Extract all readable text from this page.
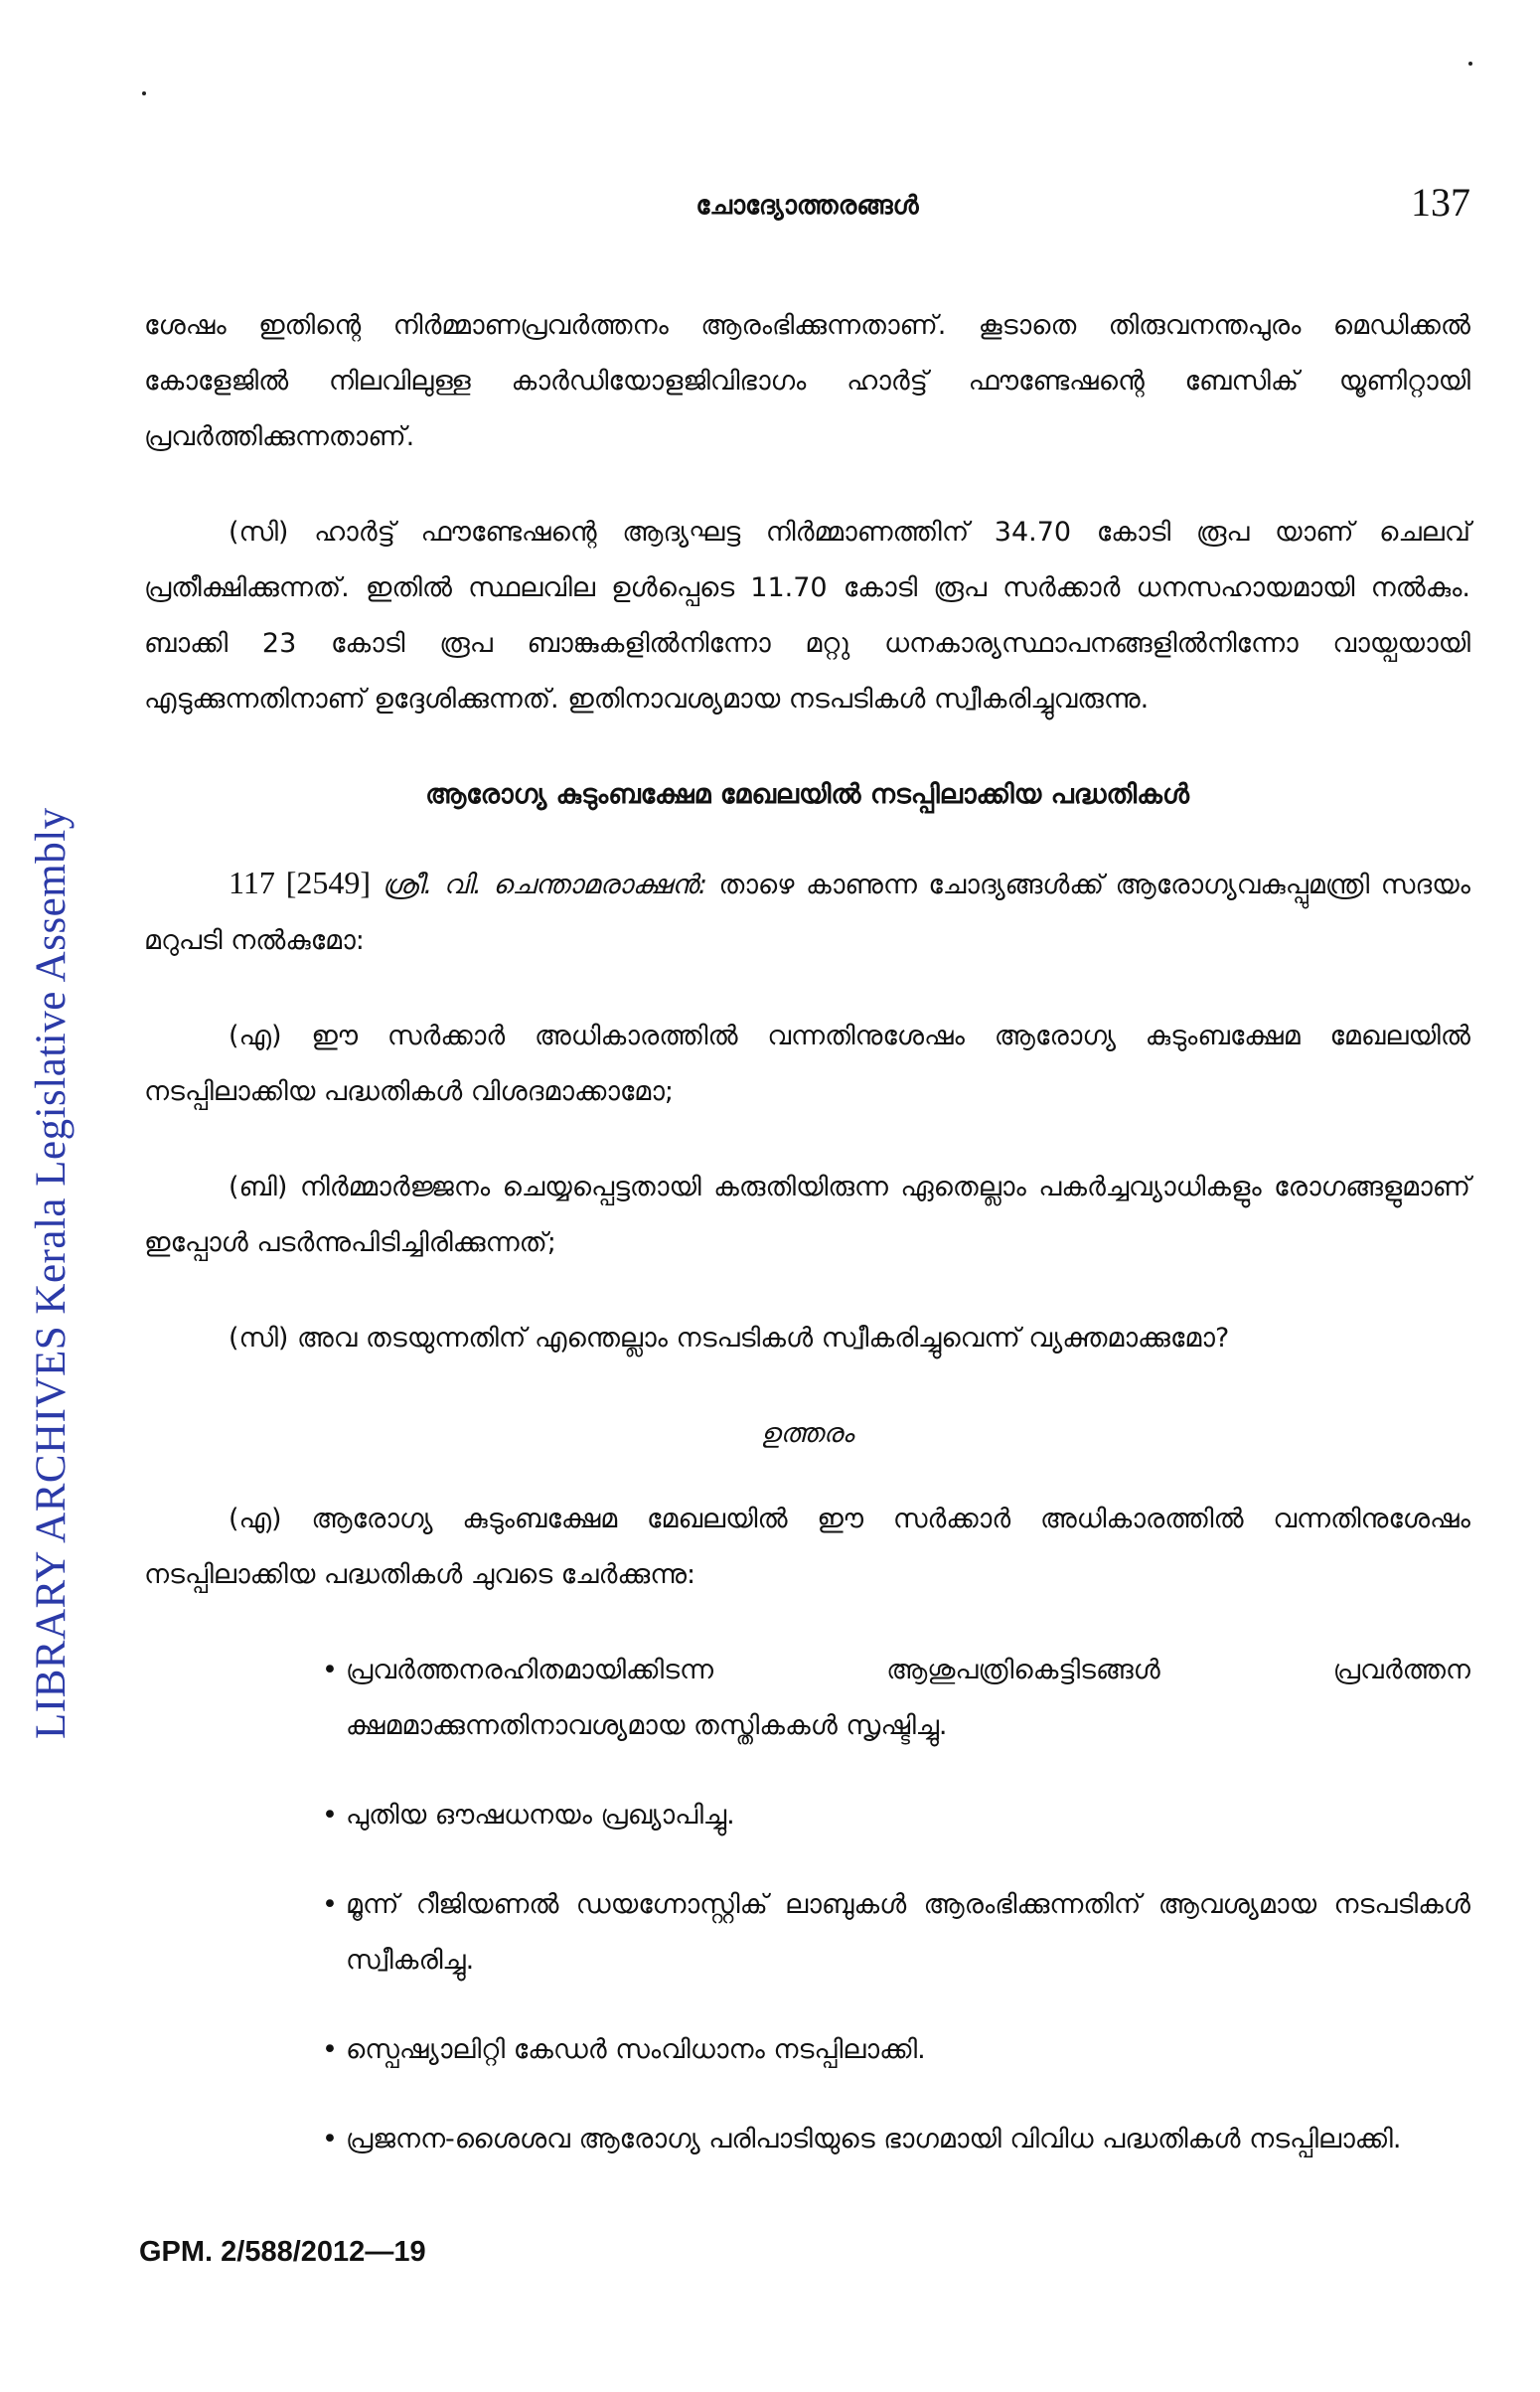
LIBRARY ARCHIVES Kerala Legislative Assembly
ചോദ്യോത്തരങ്ങൾ	137

ശേഷം ഇതിന്റെ നിർമ്മാണപ്രവർത്തനം ആരംഭിക്കുന്നതാണ്. കൂടാതെ തിരുവനന്തപുരം മെഡിക്കൽ കോളേജിൽ നിലവിലുള്ള കാർഡിയോളജിവിഭാഗം ഹാർട്ട് ഫൗണ്ടേഷന്റെ ബേസിക് യൂണിറ്റായി പ്രവർത്തിക്കുന്നതാണ്.

(സി) ഹാർട്ട് ഫൗണ്ടേഷന്റെ ആദ്യഘട്ട നിർമ്മാണത്തിന് 34.70 കോടി രൂപ യാണ് ചെലവ് പ്രതീക്ഷിക്കുന്നത്. ഇതിൽ സ്ഥലവില ഉൾപ്പെടെ 11.70 കോടി രൂപ സർക്കാർ ധനസഹായമായി നൽകും. ബാക്കി 23 കോടി രൂപ ബാങ്കുകളിൽനിന്നോ മറ്റു ധനകാര്യസ്ഥാപനങ്ങളിൽനിന്നോ വായ്പയായി എടുക്കുന്നതിനാണ് ഉദ്ദേശിക്കുന്നത്. ഇതിനാവശ്യമായ നടപടികൾ സ്വീകരിച്ചുവരുന്നു.

ആരോഗ്യ കുടുംബക്ഷേമ മേഖലയിൽ നടപ്പിലാക്കിയ പദ്ധതികൾ

117 [2549] ശ്രീ. വി. ചെന്താമരാക്ഷൻ: താഴെ കാണുന്ന ചോദ്യങ്ങൾക്ക് ആരോഗ്യവകുപ്പുമന്ത്രി സദയം മറുപടി നൽകുമോ:

(എ) ഈ സർക്കാർ അധികാരത്തിൽ വന്നതിനുശേഷം ആരോഗ്യ കുടുംബക്ഷേമ മേഖലയിൽ നടപ്പിലാക്കിയ പദ്ധതികൾ വിശദമാക്കാമോ;

(ബി) നിർമ്മാർജ്ജനം ചെയ്യപ്പെട്ടതായി കരുതിയിരുന്ന ഏതെല്ലാം പകർച്ചവ്യാധികളും രോഗങ്ങളുമാണ് ഇപ്പോൾ പടർന്നുപിടിച്ചിരിക്കുന്നത്;

(സി) അവ തടയുന്നതിന് എന്തെല്ലാം നടപടികൾ സ്വീകരിച്ചുവെന്ന് വ്യക്തമാക്കുമോ?

ഉത്തരം

(എ) ആരോഗ്യ കുടുംബക്ഷേമ മേഖലയിൽ ഈ സർക്കാർ അധികാരത്തിൽ വന്നതിനുശേഷം നടപ്പിലാക്കിയ പദ്ധതികൾ ചുവടെ ചേർക്കുന്നു:

• പ്രവർത്തനരഹിതമായിക്കിടന്ന ആശുപത്രികെട്ടിടങ്ങൾ പ്രവർത്തന ക്ഷമമാക്കുന്നതിനാവശ്യമായ തസ്തികകൾ സൃഷ്ടിച്ചു.
• പുതിയ ഔഷധനയം പ്രഖ്യാപിച്ചു.
• മൂന്ന് റീജിയണൽ ഡയഗ്നോസ്റ്റിക് ലാബുകൾ ആരംഭിക്കുന്നതിന് ആവശ്യമായ നടപടികൾ സ്വീകരിച്ചു.
• സ്പെഷ്യാലിറ്റി കേഡർ സംവിധാനം നടപ്പിലാക്കി.
• പ്രജനന-ശൈശവ ആരോഗ്യ പരിപാടിയുടെ ഭാഗമായി വിവിധ പദ്ധതികൾ നടപ്പിലാക്കി.
GPM. 2/588/2012—19
